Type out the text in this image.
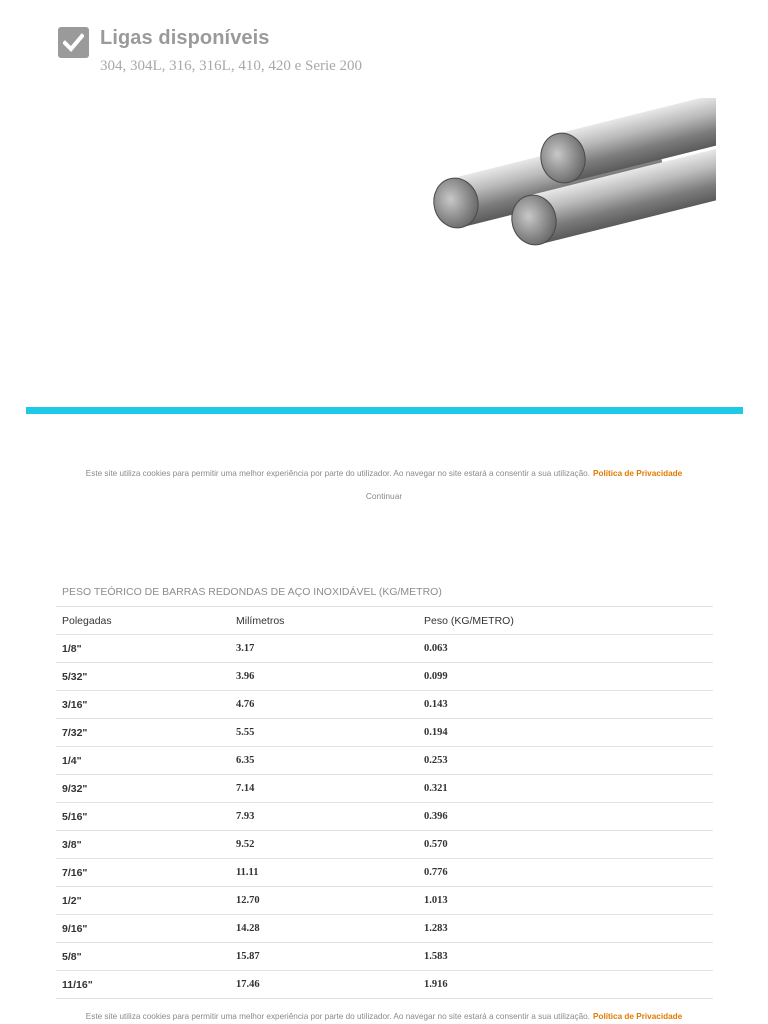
Ligas disponíveis
304, 304L, 316, 316L, 410, 420 e Serie 200
Este site utiliza cookies para permitir uma melhor experiência por parte do utilizador. Ao navegar no site estará a consentir a sua utilização. Política de Privacidade
Continuar
PESO TEÓRICO DE BARRAS REDONDAS DE AÇO INOXIDÁVEL (KG/METRO)
Polegadas	Milímetros	Peso (KG/METRO)
1/8"	3.17	0.063
5/32"	3.96	0.099
3/16"	4.76	0.143
7/32"	5.55	0.194
1/4"	6.35	0.253
9/32"	7.14	0.321
5/16"	7.93	0.396
3/8"	9.52	0.570
7/16"	11.11	0.776
1/2"	12.70	1.013
9/16"	14.28	1.283
5/8"	15.87	1.583
11/16"	17.46	1.916
Este site utiliza cookies para permitir uma melhor experiência por parte do utilizador. Ao navegar no site estará a consentir a sua utilização. Política de Privacidade
